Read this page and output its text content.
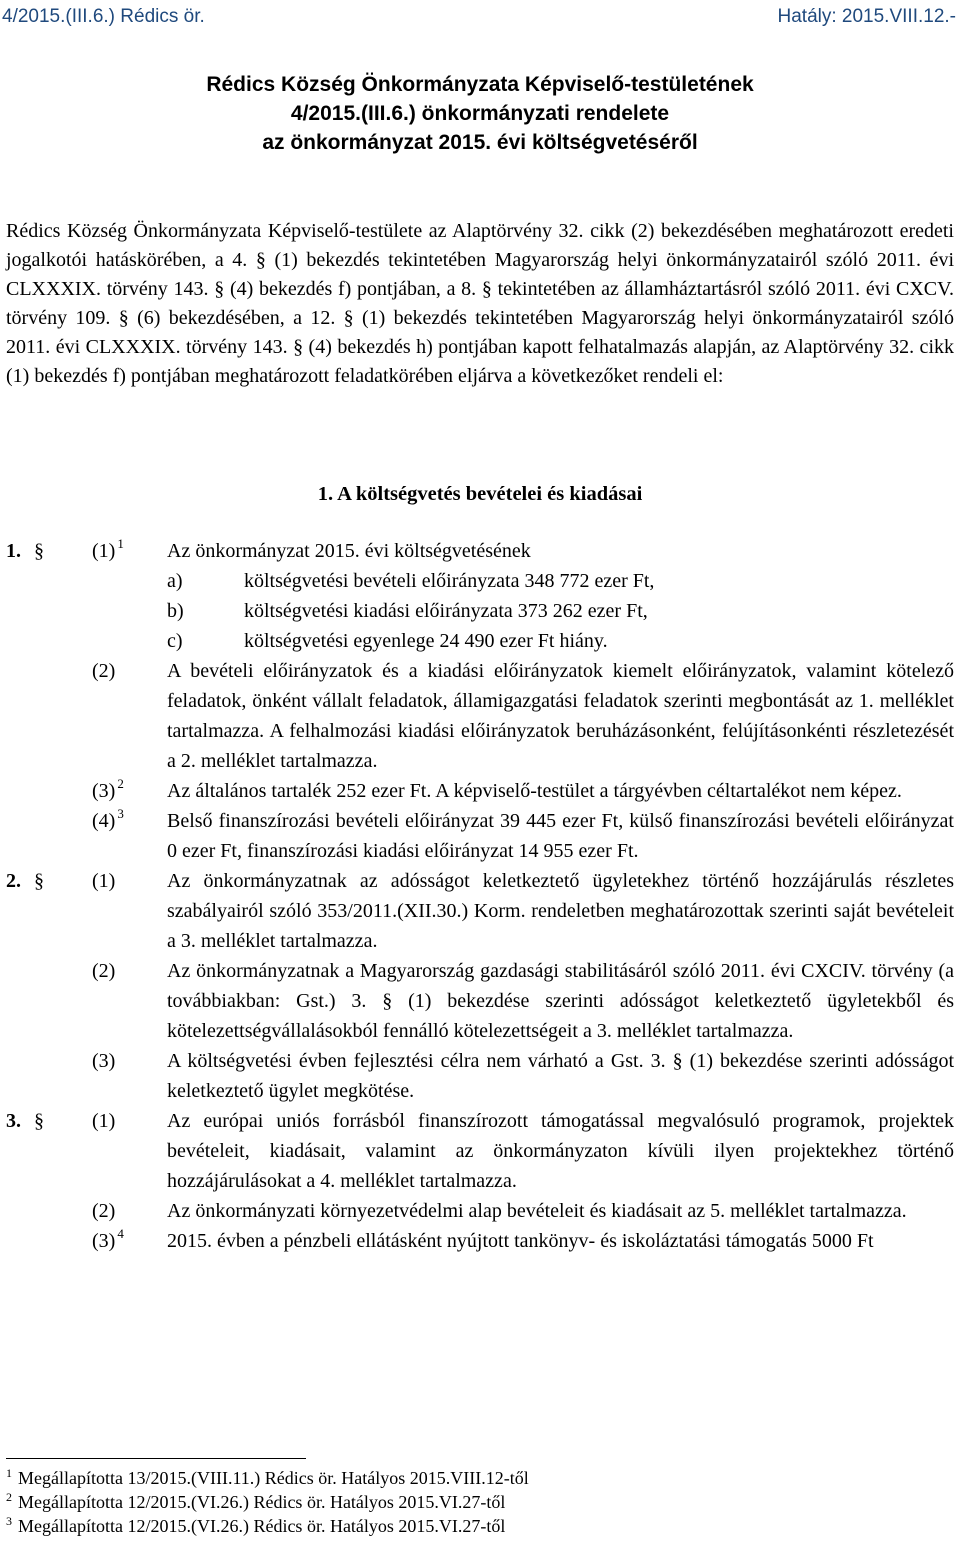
4/2015.(III.6.) Rédics ör.	Hatály: 2015.VIII.12.-
Rédics Község Önkormányzata Képviselő-testületének
4/2015.(III.6.) önkormányzati rendelete
az önkormányzat 2015. évi költségvetéséről
Rédics Község Önkormányzata Képviselő-testülete az Alaptörvény 32. cikk (2) bekezdésében meghatározott eredeti jogalkotói hatáskörében, a 4. § (1) bekezdés tekintetében Magyarország helyi önkormányzatairól szóló 2011. évi CLXXXIX. törvény 143. § (4) bekezdés f) pontjában, a 8. § tekintetében az államháztartásról szóló 2011. évi CXCV. törvény 109. § (6) bekezdésében, a 12. § (1) bekezdés tekintetében Magyarország helyi önkormányzatairól szóló 2011. évi CLXXXIX. törvény 143. § (4) bekezdés h) pontjában kapott felhatalmazás alapján, az Alaptörvény 32. cikk (1) bekezdés f) pontjában meghatározott feladatkörében eljárva a következőket rendeli el:
1. A költségvetés bevételei és kiadásai
1. § (1) $^1$ Az önkormányzat 2015. évi költségvetésének
a)	költségvetési bevételi előirányzata 348 772 ezer Ft,
b)	költségvetési kiadási előirányzata 373 262 ezer Ft,
c)	költségvetési egyenlege 24 490 ezer Ft hiány.
(2)	A bevételi előirányzatok és a kiadási előirányzatok kiemelt előirányzatok, valamint kötelező feladatok, önként vállalt feladatok, államigazgatási feladatok szerinti megbontását az 1. melléklet tartalmazza. A felhalmozási kiadási előirányzatok beruházásonként, felújításonkénti részletezését a 2. melléklet tartalmazza.
(3) $^2$ Az általános tartalék 252 ezer Ft. A képviselő-testület a tárgyévben céltartalékot nem képez.
(4) $^3$ Belső finanszírozási bevételi előirányzat 39 445 ezer Ft, külső finanszírozási bevételi előirányzat 0 ezer Ft, finanszírozási kiadási előirányzat 14 955 ezer Ft.
2. § (1)	Az önkormányzatnak az adósságot keletkeztető ügyletekhez történő hozzájárulás részletes szabályairól szóló 353/2011.(XII.30.) Korm. rendeletben meghatározottak szerinti saját bevételeit a 3. melléklet tartalmazza.
(2)	Az önkormányzatnak a Magyarország gazdasági stabilitásáról szóló 2011. évi CXCIV. törvény (a továbbiakban: Gst.) 3. § (1) bekezdése szerinti adósságot keletkeztető ügyletekből és kötelezettségvállalásokból fennálló kötelezettségeit a 3. melléklet tartalmazza.
(3)	A költségvetési évben fejlesztési célra nem várható a Gst. 3. § (1) bekezdése szerinti adósságot keletkeztető ügylet megkötése.
3. § (1)	Az európai uniós forrásból finanszírozott támogatással megvalósuló programok, projektek bevételeit, kiadásait, valamint az önkormányzaton kívüli ilyen projektekhez történő hozzájárulásokat a 4. melléklet tartalmazza.
(2)	Az önkormányzati környezetvédelmi alap bevételeit és kiadásait az 5. melléklet tartalmazza.
(3) $^4$ 2015. évben a pénzbeli ellátásként nyújtott tankönyv- és iskoláztatási támogatás 5000 Ft
$^1$ Megállapította 13/2015.(VIII.11.) Rédics ör. Hatályos 2015.VIII.12-től
$^2$ Megállapította 12/2015.(VI.26.) Rédics ör. Hatályos 2015.VI.27-től
$^3$ Megállapította 12/2015.(VI.26.) Rédics ör. Hatályos 2015.VI.27-től
